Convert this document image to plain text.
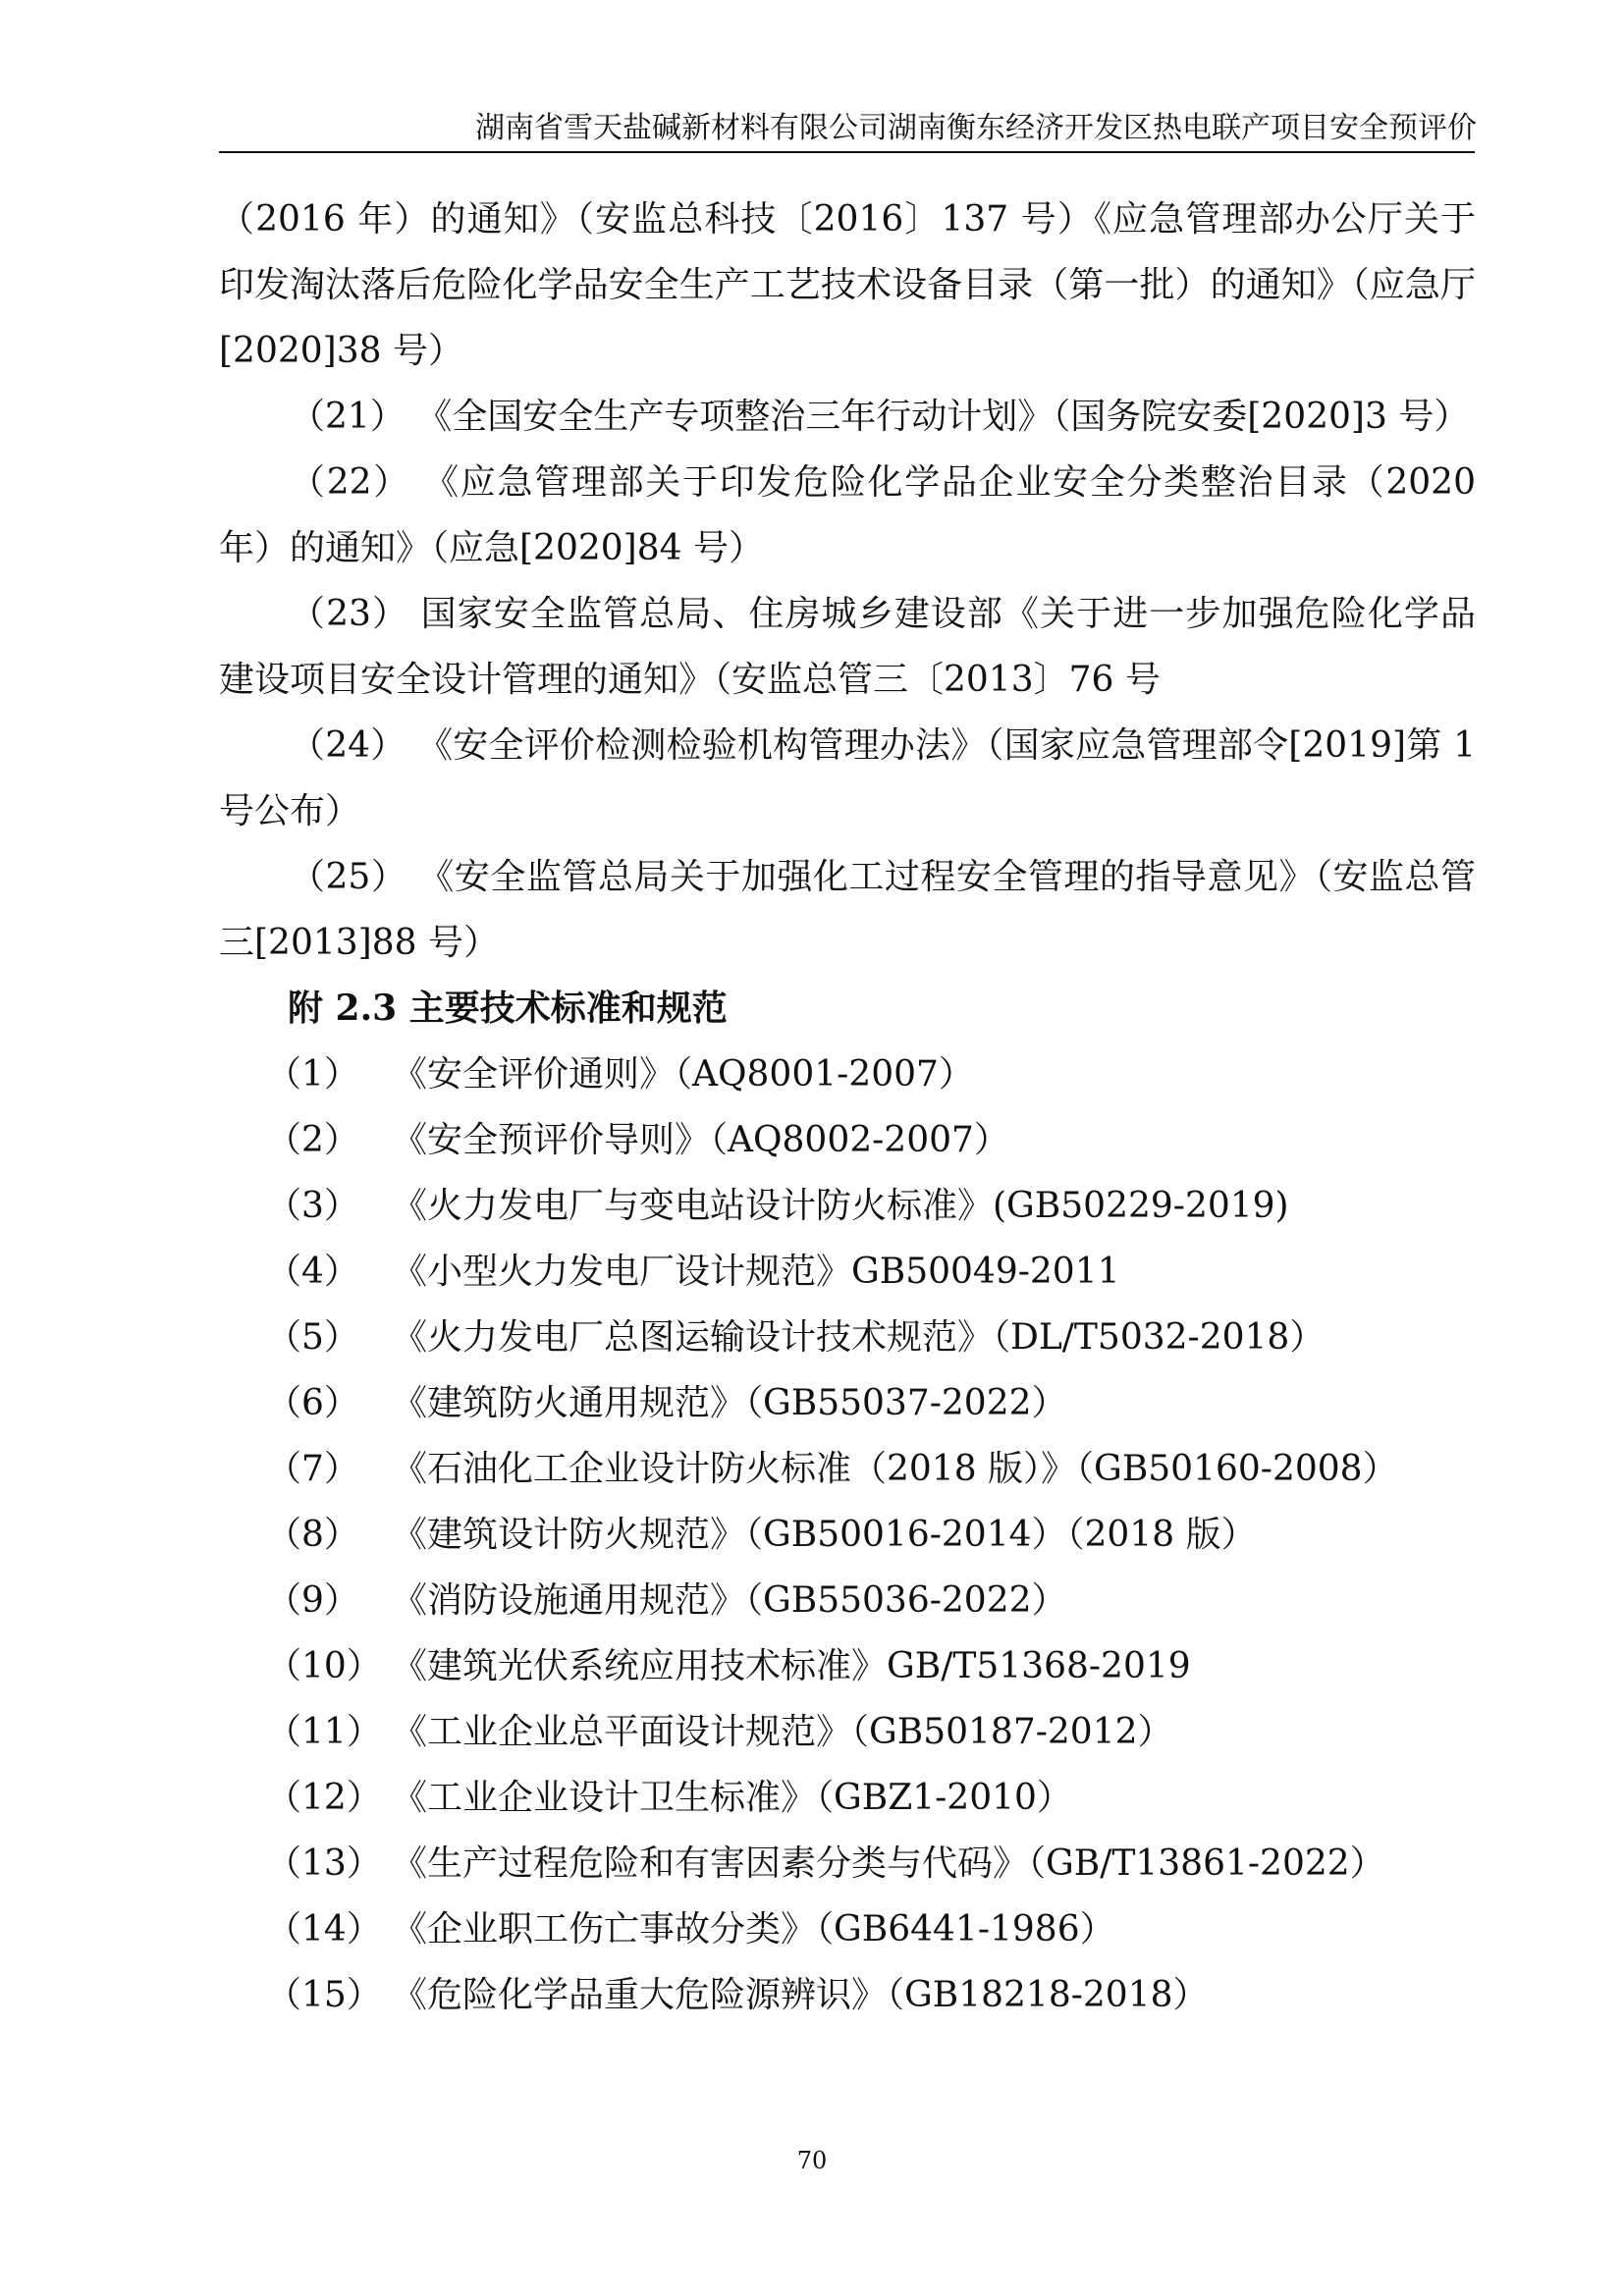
湖南省雪天盐碱新材料有限公司湖南衡东经济开发区热电联产项目安全预评价

（2016 年）的通知》（安监总科技〔2016〕137 号）《应急管理部办公厅关于印发淘汰落后危险化学品安全生产工艺技术设备目录（第一批）的通知》（应急厅[2020]38 号）

（21） 《全国安全生产专项整治三年行动计划》（国务院安委[2020]3 号）

（22） 《应急管理部关于印发危险化学品企业安全分类整治目录（2020 年）的通知》（应急[2020]84 号）

（23） 国家安全监管总局、住房城乡建设部《关于进一步加强危险化学品建设项目安全设计管理的通知》（安监总管三〔2013〕76 号

（24） 《安全评价检测检验机构管理办法》（国家应急管理部令[2019]第 1 号公布）

（25） 《安全监管总局关于加强化工过程安全管理的指导意见》（安监总管三[2013]88 号）

附 2.3 主要技术标准和规范

（1） 《安全评价通则》（AQ8001-2007）
（2） 《安全预评价导则》（AQ8002-2007）
（3） 《火力发电厂与变电站设计防火标准》(GB50229-2019)
（4） 《小型火力发电厂设计规范》GB50049-2011
（5） 《火力发电厂总图运输设计技术规范》（DL/T5032-2018）
（6） 《建筑防火通用规范》（GB55037-2022）
（7） 《石油化工企业设计防火标准（2018 版）》（GB50160-2008）
（8） 《建筑设计防火规范》（GB50016-2014）（2018 版）
（9） 《消防设施通用规范》（GB55036-2022）
（10） 《建筑光伏系统应用技术标准》GB/T51368-2019
（11） 《工业企业总平面设计规范》（GB50187-2012）
（12） 《工业企业设计卫生标准》（GBZ1-2010）
（13） 《生产过程危险和有害因素分类与代码》（GB/T13861-2022）
（14） 《企业职工伤亡事故分类》（GB6441-1986）
（15） 《危险化学品重大危险源辨识》（GB18218-2018）
70
